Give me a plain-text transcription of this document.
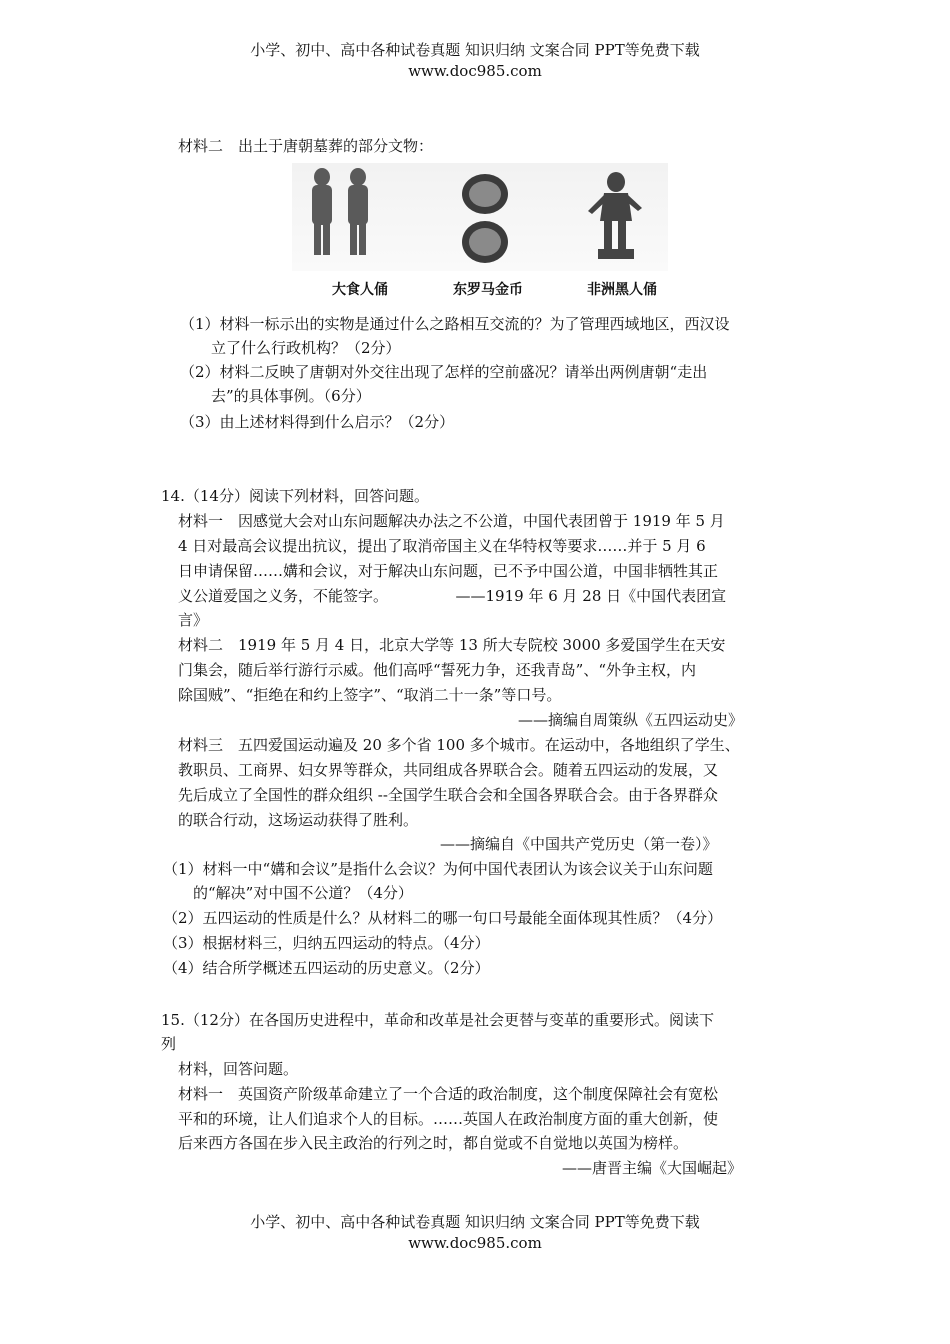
小学、初中、高中各种试卷真题 知识归纳 文案合同 PPT等免费下载
www.doc985.com
材料二　出土于唐朝墓葬的部分文物：
大食人俑	东罗马金币	非洲黑人俑
（1）材料一标示出的实物是通过什么之路相互交流的？为了管理西域地区，西汉设
立了什么行政机构？（2分）
（2）材料二反映了唐朝对外交往出现了怎样的空前盛况？请举出两例唐朝“走出
去”的具体事例。（6分）
（3）由上述材料得到什么启示？（2分）
14.（14分）阅读下列材料，回答问题。
材料一　因感觉大会对山东问题解决办法之不公道，中国代表团曾于 1919 年 5 月
4 日对最高会议提出抗议，提出了取消帝国主义在华特权等要求……并于 5 月 6
日申请保留……媾和会议，对于解决山东问题，已不予中国公道，中国非牺牲其正
义公道爱国之义务，不能签字。　　　　　——1919 年 6 月 28 日《中国代表团宣
言》
材料二　1919 年 5 月 4 日，北京大学等 13 所大专院校 3000 多爱国学生在天安
门集会，随后举行游行示威。他们高呼“誓死力争，还我青岛”、“外争主权，内
除国贼”、“拒绝在和约上签字”、“取消二十一条”等口号。
——摘编自周策纵《五四运动史》
材料三　五四爱国运动遍及 20 多个省 100 多个城市。在运动中，各地组织了学生、
教职员、工商界、妇女界等群众，共同组成各界联合会。随着五四运动的发展，又
先后成立了全国性的群众组织 --全国学生联合会和全国各界联合会。由于各界群众
的联合行动，这场运动获得了胜利。
——摘编自《中国共产党历史（第一卷）》
（1）材料一中“媾和会议”是指什么会议？为何中国代表团认为该会议关于山东问题
的“解决”对中国不公道？（4分）
（2）五四运动的性质是什么？从材料二的哪一句口号最能全面体现其性质？（4分）
（3）根据材料三，归纳五四运动的特点。（4分）
（4）结合所学概述五四运动的历史意义。（2分）
15.（12分）在各国历史进程中，革命和改革是社会更替与变革的重要形式。阅读下
列
材料，回答问题。
材料一　英国资产阶级革命建立了一个合适的政治制度，这个制度保障社会有宽松
平和的环境，让人们追求个人的目标。……英国人在政治制度方面的重大创新，使
后来西方各国在步入民主政治的行列之时，都自觉或不自觉地以英国为榜样。
——唐晋主编《大国崛起》
小学、初中、高中各种试卷真题 知识归纳 文案合同 PPT等免费下载
www.doc985.com
